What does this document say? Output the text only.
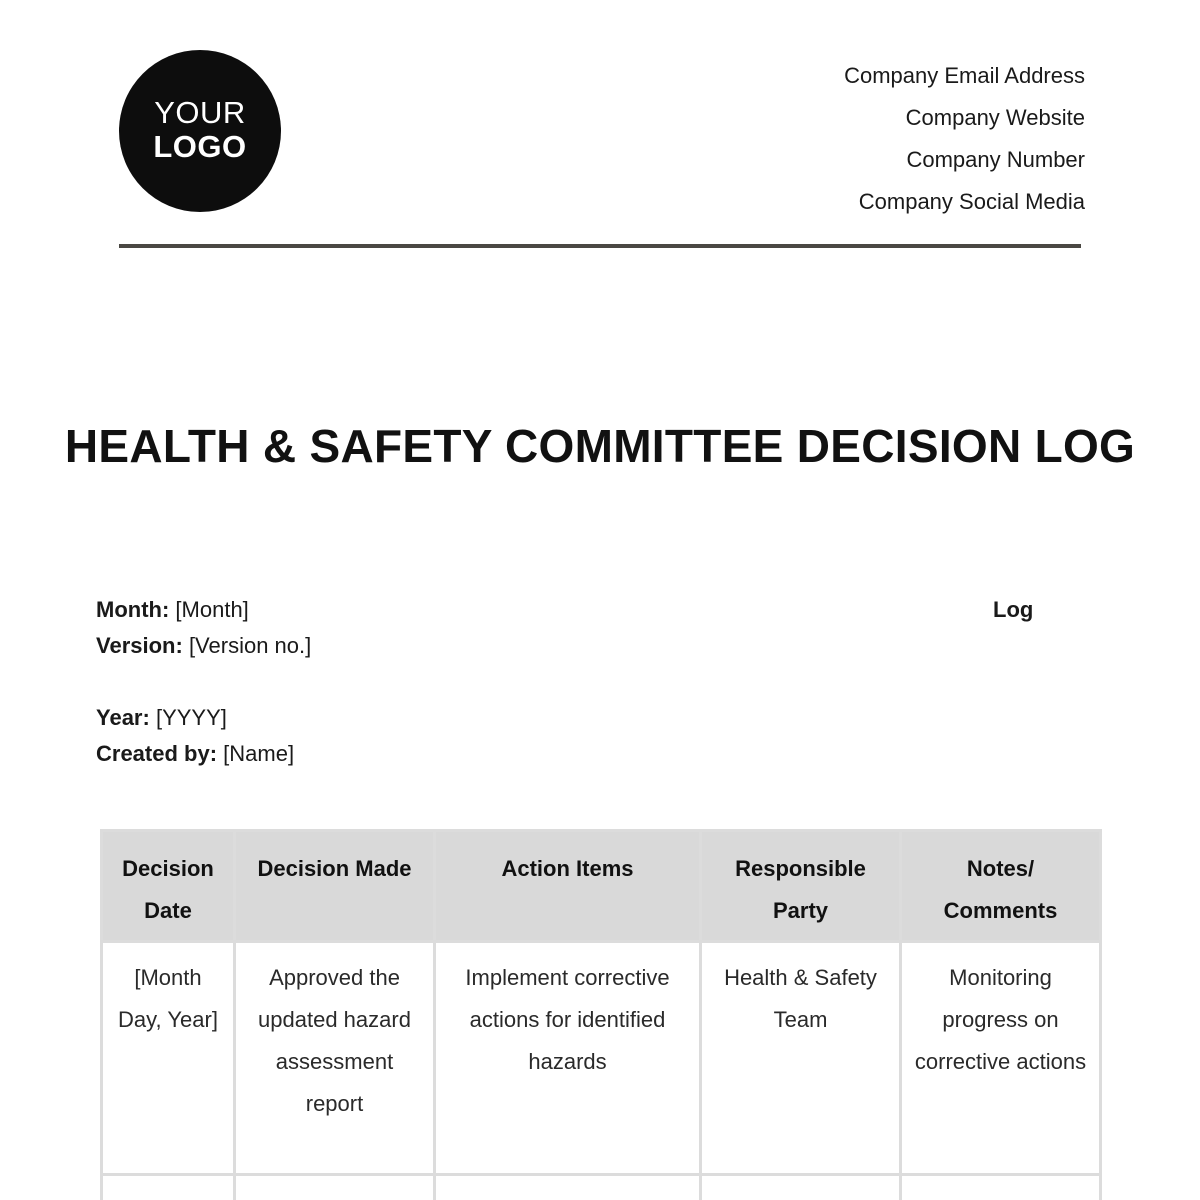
YOUR
LOGO
Company Email Address
Company Website
Company Number
Company Social Media
HEALTH & SAFETY COMMITTEE DECISION LOG
Month: [Month]
Version: [Version no.]
Log
Year: [YYYY]
Created by: [Name]
Decision Date	Decision Made	Action Items	Responsible Party	Notes/ Comments
[Month Day, Year]	Approved the updated hazard assessment report	Implement corrective actions for identified hazards	Health & Safety Team	Monitoring progress on corrective actions
